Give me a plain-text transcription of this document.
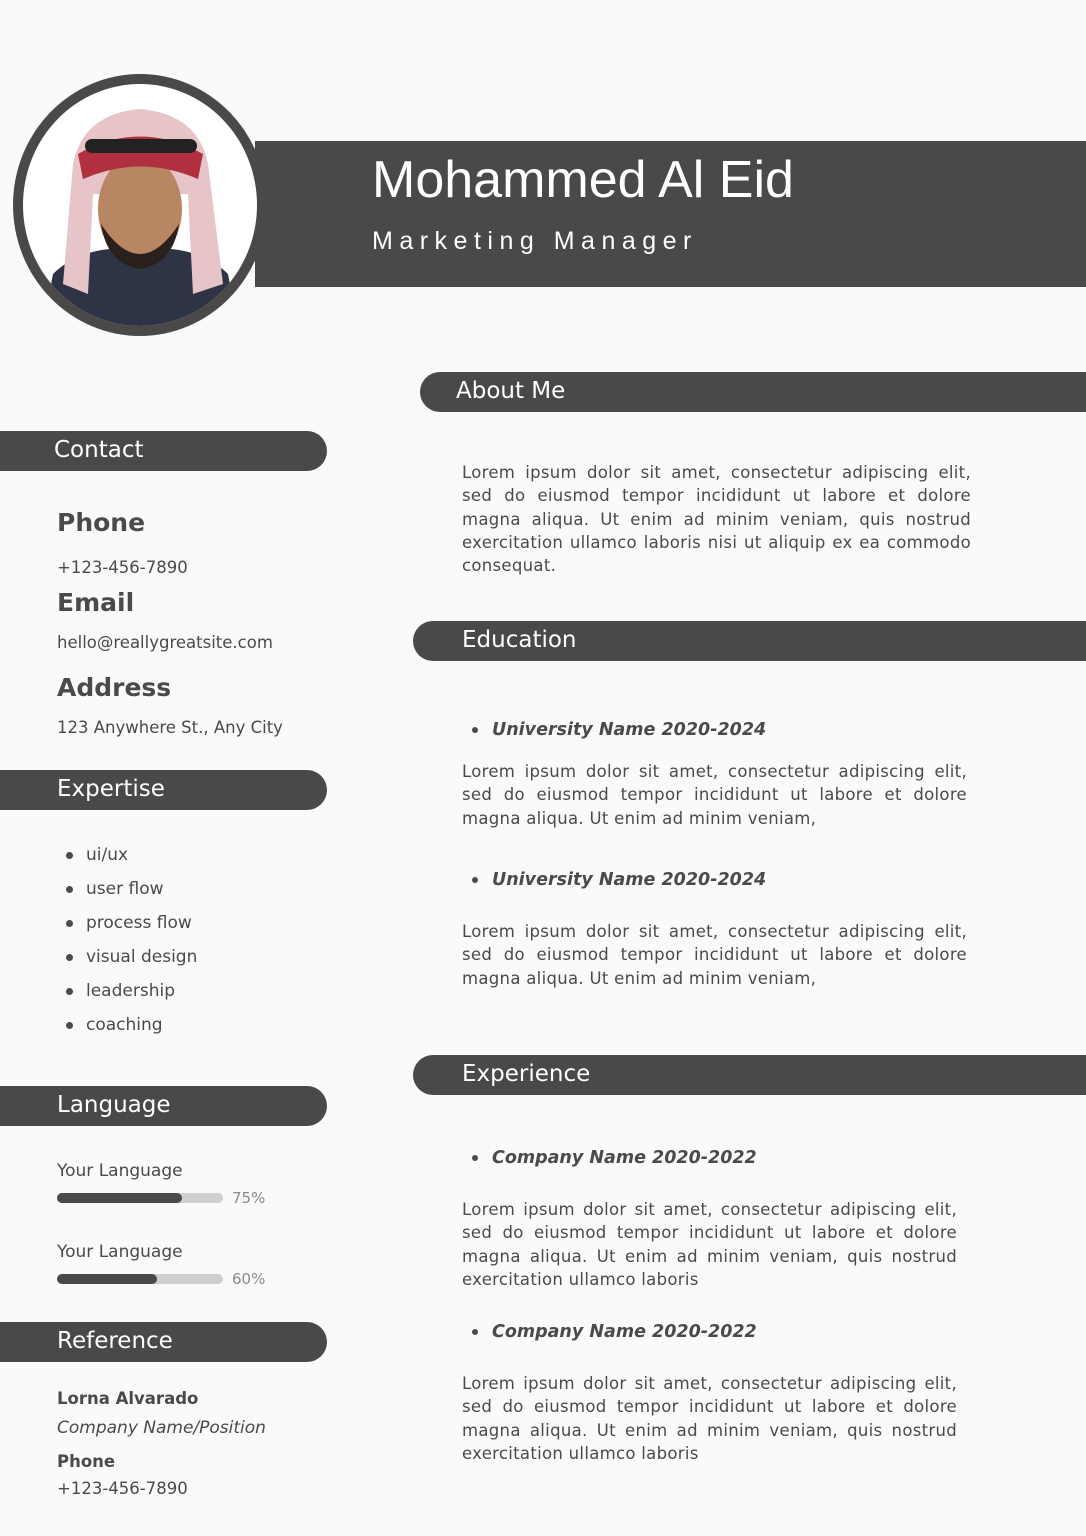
Mohammed Al Eid
Marketing Manager
Contact
Phone
+123-456-7890
Email
hello@reallygreatsite.com
Address
123 Anywhere St., Any City
Expertise
ui/ux
user flow
process flow
visual design
leadership
coaching
Language
Your Language
75%
Your Language
60%
Reference
Lorna Alvarado
Company Name/Position
Phone
+123-456-7890
About Me
Lorem ipsum dolor sit amet, consectetur adipiscing elit, sed do eiusmod tempor incididunt ut labore et dolore magna aliqua. Ut enim ad minim veniam, quis nostrud exercitation ullamco laboris nisi ut aliquip ex ea commodo consequat.
Education
University Name 2020-2024
Lorem ipsum dolor sit amet, consectetur adipiscing elit, sed do eiusmod tempor incididunt ut labore et dolore magna aliqua. Ut enim ad minim veniam,
University Name 2020-2024
Lorem ipsum dolor sit amet, consectetur adipiscing elit, sed do eiusmod tempor incididunt ut labore et dolore magna aliqua. Ut enim ad minim veniam,
Experience
Company Name 2020-2022
Lorem ipsum dolor sit amet, consectetur adipiscing elit, sed do eiusmod tempor incididunt ut labore et dolore magna aliqua. Ut enim ad minim veniam, quis nostrud exercitation ullamco laboris
Company Name 2020-2022
Lorem ipsum dolor sit amet, consectetur adipiscing elit, sed do eiusmod tempor incididunt ut labore et dolore magna aliqua. Ut enim ad minim veniam, quis nostrud exercitation ullamco laboris
